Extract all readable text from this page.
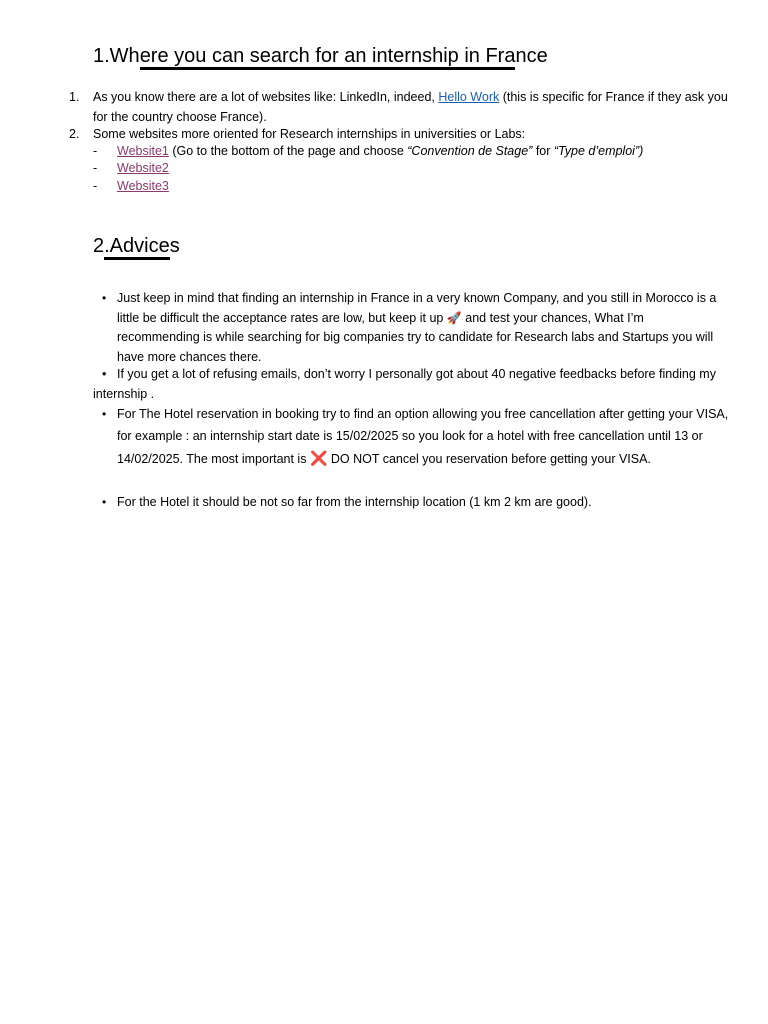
1.Where you can search for an internship in France
1. As you know there are a lot of websites like: LinkedIn, indeed, Hello Work (this is specific for France if they ask you for the country choose France).
2. Some websites more oriented for Research internships in universities or Labs:
- Website1 (Go to the bottom of the page and choose “Convention de Stage” for “Type d’emploi”)
- Website2
- Website3
2.Advices
• Just keep in mind that finding an internship in France in a very known Company, and you still in Morocco is a little be difficult the acceptance rates are low, but keep it up 🚀 and test your chances, What I’m recommending is while searching for big companies try to candidate for Research labs and Startups you will have more chances there.
• If you get a lot of refusing emails, don’t worry I personally got about 40 negative feedbacks before finding my internship .
• For The Hotel reservation in booking try to find an option allowing you free cancellation after getting your VISA, for example : an internship start date is 15/02/2025 so you look for a hotel with free cancellation until 13 or 14/02/2025. The most important is ❌ DO NOT cancel you reservation before getting your VISA.
• For the Hotel it should be not so far from the internship location (1 km 2 km are good).
